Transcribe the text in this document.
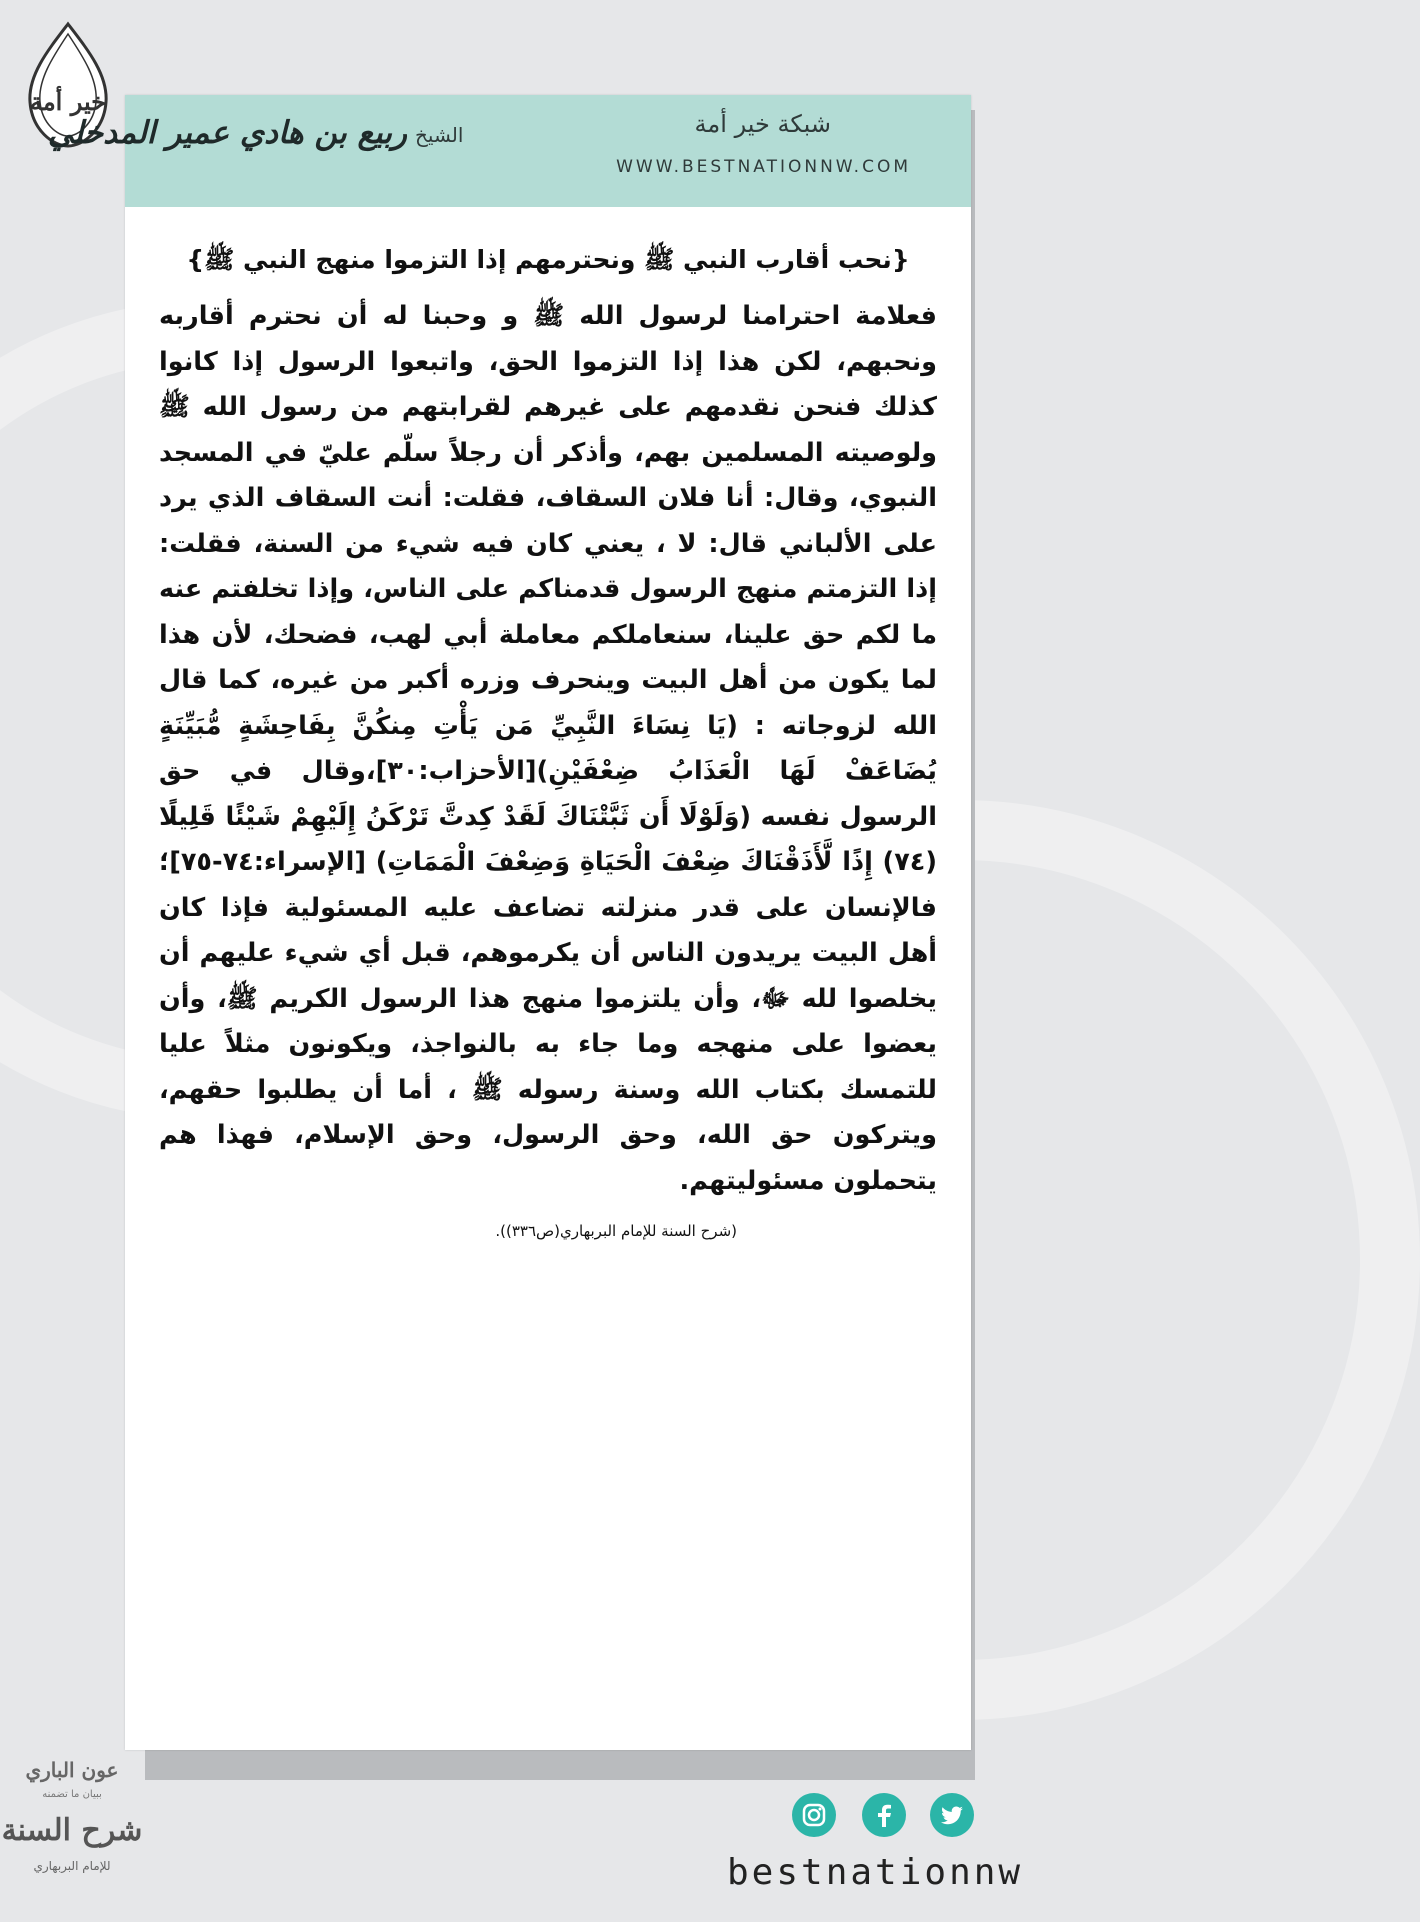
خير أمة
شبكة خير أمة
WWW.BESTNATIONNW.COM
الشيخ
ربيع بن هادي عمير المدخلي
{نحب أقارب النبي ﷺ ونحترمهم إذا التزموا منهج النبي ﷺ}

فعلامة احترامنا لرسول الله ﷺ و وحبنا له أن نحترم أقاربه ونحبهم، لكن هذا إذا التزموا الحق، واتبعوا الرسول إذا كانوا كذلك فنحن نقدمهم على غيرهم لقرابتهم من رسول الله ﷺ ولوصيته المسلمين بهم، وأذكر أن رجلاً سلّم عليّ في المسجد النبوي، وقال: أنا فلان السقاف، فقلت: أنت السقاف الذي يرد على الألباني قال: لا ، يعني كان فيه شيء من السنة، فقلت: إذا التزمتم منهج الرسول قدمناكم على الناس، وإذا تخلفتم عنه ما لكم حق علينا، سنعاملكم معاملة أبي لهب، فضحك، لأن هذا لما يكون من أهل البيت وينحرف وزره أكبر من غيره، كما قال الله لزوجاته : (يَا نِسَاءَ النَّبِيِّ مَن يَأْتِ مِنكُنَّ بِفَاحِشَةٍ مُّبَيِّنَةٍ يُضَاعَفْ لَهَا الْعَذَابُ ضِعْفَيْنِ)[الأحزاب:٣٠]،وقال في حق الرسول نفسه (وَلَوْلَا أَن ثَبَّتْنَاكَ لَقَدْ كِدتَّ تَرْكَنُ إِلَيْهِمْ شَيْئًا قَلِيلًا (٧٤) إِذًا لَّأَذَقْنَاكَ ضِعْفَ الْحَيَاةِ وَضِعْفَ الْمَمَاتِ) [الإسراء:٧٤-٧٥]؛ فالإنسان على قدر منزلته تضاعف عليه المسئولية فإذا كان أهل البيت يريدون الناس أن يكرموهم، قبل أي شيء عليهم أن يخلصوا لله ﷻ، وأن يلتزموا منهج هذا الرسول الكريم ﷺ، وأن يعضوا على منهجه وما جاء به بالنواجذ، ويكونون مثلاً عليا للتمسك بكتاب الله وسنة رسوله ﷺ ، أما أن يطلبوا حقهم، ويتركون حق الله، وحق الرسول، وحق الإسلام، فهذا هم يتحملون مسئوليتهم.

(شرح السنة للإمام البربهاري(ص٣٣٦)).
عون الباري
ببيان ما تضمنه
شرح السنة
للإمام البربهاري	bestnationnw
